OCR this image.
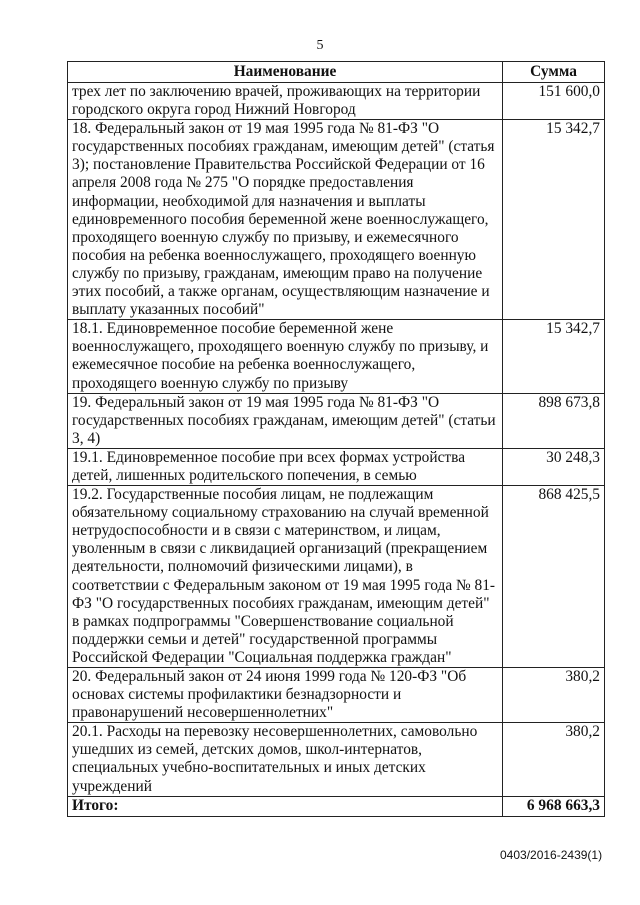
5
Наименование	Сумма
трех лет по заключению врачей, проживающих на территории городского округа город Нижний Новгород	151 600,0
18. Федеральный закон от 19 мая 1995 года № 81-ФЗ "О государственных пособиях гражданам, имеющим детей" (статья 3); постановление Правительства Российской Федерации от 16 апреля 2008 года № 275 "О порядке предоставления информации, необходимой для назначения и выплаты единовременного пособия беременной жене военнослужащего, проходящего военную службу по призыву, и ежемесячного пособия на ребенка военнослужащего, проходящего военную службу по призыву, гражданам, имеющим право на получение этих пособий, а также органам, осуществляющим назначение и выплату указанных пособий"	15 342,7
18.1. Единовременное пособие беременной жене военнослужащего, проходящего военную службу по призыву, и ежемесячное пособие на ребенка военнослужащего, проходящего военную службу по призыву	15 342,7
19. Федеральный закон от 19 мая 1995 года № 81-ФЗ "О государственных пособиях гражданам, имеющим детей" (статьи 3, 4)	898 673,8
19.1. Единовременное пособие при всех формах устройства детей, лишенных родительского попечения, в семью	30 248,3
19.2. Государственные пособия лицам, не подлежащим обязательному социальному страхованию на случай временной нетрудоспособности и в связи с материнством, и лицам, уволенным в связи с ликвидацией организаций (прекращением деятельности, полномочий физическими лицами), в соответствии с Федеральным законом от 19 мая 1995 года № 81-ФЗ "О государственных пособиях гражданам, имеющим детей" в рамках подпрограммы "Совершенствование социальной поддержки семьи и детей" государственной программы Российской Федерации "Социальная поддержка граждан"	868 425,5
20. Федеральный закон от 24 июня 1999 года № 120-ФЗ "Об основах системы профилактики безнадзорности и правонарушений несовершеннолетних"	380,2
20.1. Расходы на перевозку несовершеннолетних, самовольно ушедших из семей, детских домов, школ-интернатов, специальных учебно-воспитательных и иных детских учреждений	380,2
Итого:	6 968 663,3
0403/2016-2439(1)
